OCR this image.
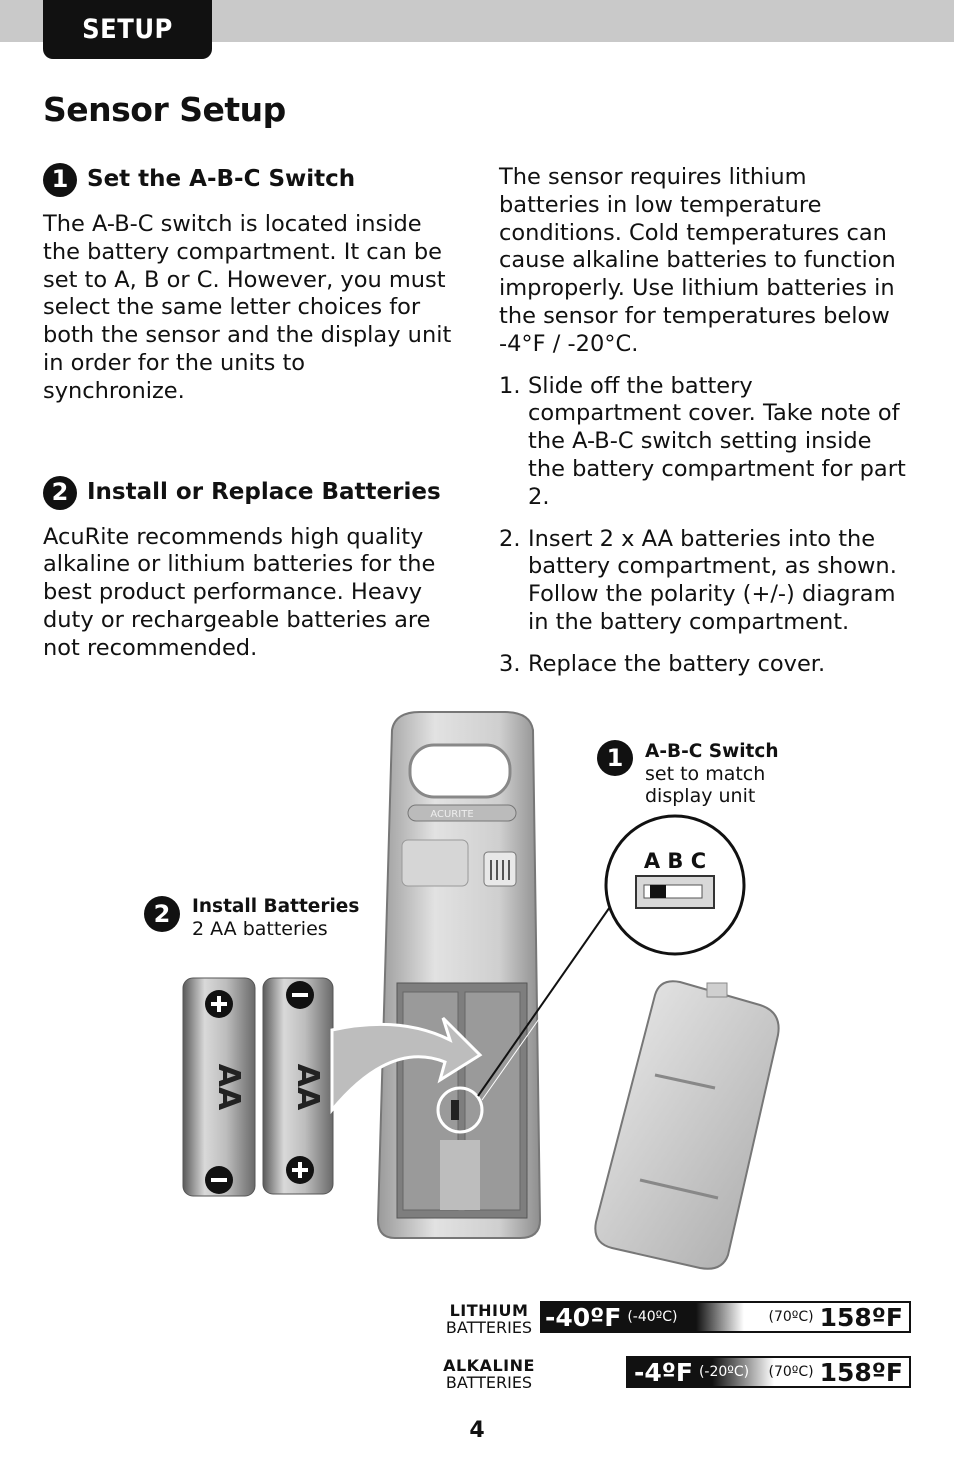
SETUP
Sensor Setup
1 Set the A-B-C Switch

The A-B-C switch is located inside the battery compartment. It can be set to A, B or C. However, you must select the same letter choices for both the sensor and the display unit in order for the units to synchronize.

2 Install or Replace Batteries

AcuRite recommends high quality alkaline or lithium batteries for the best product performance. Heavy duty or rechargeable batteries are not recommended.

The sensor requires lithium batteries in low temperature conditions. Cold temperatures can cause alkaline batteries to function improperly. Use lithium batteries in the sensor for temperatures below -4°F / -20°C.

1. Slide off the battery compartment cover. Take note of the A-B-C switch setting inside the battery compartment for part 2.
2. Insert 2 x AA batteries into the battery compartment, as shown. Follow the polarity (+/-) diagram in the battery compartment.
3. Replace the battery cover.
ACURITE
AA AA
A B C
1	A-B-C Switch
set to match
display unit
2	Install Batteries
2 AA batteries
LITHIUM
BATTERIES -40ºF (-40ºC)	(70ºC) 158ºF
ALKALINE
BATTERIES	-4ºF (-20ºC) (70ºC) 158ºF
4
